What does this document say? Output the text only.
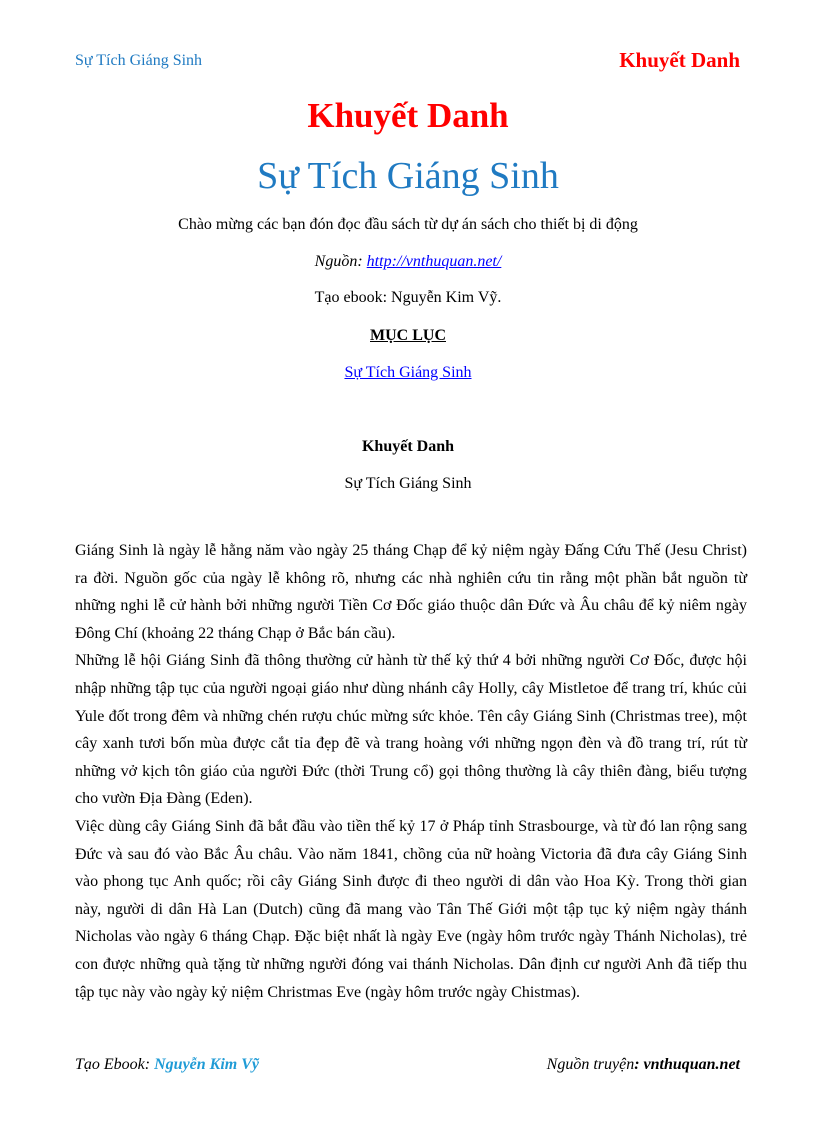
Sự Tích Giáng Sinh	Khuyết Danh
Khuyết Danh
Sự Tích Giáng Sinh
Chào mừng các bạn đón đọc đầu sách từ dự án sách cho thiết bị di động
Nguồn: http://vnthuquan.net/
Tạo ebook: Nguyễn Kim Vỹ.
MỤC LỤC
Sự Tích Giáng Sinh
Khuyết Danh
Sự Tích Giáng Sinh

Giáng Sinh là ngày lễ hằng năm vào ngày 25 tháng Chạp để kỷ niệm ngày Đấng Cứu Thế (Jesu Christ) ra đời. Nguồn gốc của ngày lễ không rõ, nhưng các nhà nghiên cứu tin rằng một phần bắt nguồn từ những nghi lễ cử hành bởi những người Tiền Cơ Đốc giáo thuộc dân Đức và Âu châu để kỷ niêm ngày Đông Chí (khoảng 22 tháng Chạp ở Bắc bán cầu).

Những lễ hội Giáng Sinh đã thông thường cử hành từ thế kỷ thứ 4 bởi những người Cơ Đốc, được hội nhập những tập tục của người ngoại giáo như dùng nhánh cây Holly, cây Mistletoe để trang trí, khúc củi Yule đốt trong đêm và những chén rượu chúc mừng sức khỏe. Tên cây Giáng Sinh (Christmas tree), một cây xanh tươi bốn mùa được cắt tỉa đẹp đẽ và trang hoàng với những ngọn đèn và đồ trang trí, rút từ những vở kịch tôn giáo của người Đức (thời Trung cổ) gọi thông thường là cây thiên đàng, biểu tượng cho vườn Địa Đàng (Eden).

Việc dùng cây Giáng Sinh đã bắt đầu vào tiền thế kỷ 17 ở Pháp tỉnh Strasbourge, và từ đó lan rộng sang Đức và sau đó vào Bắc Âu châu. Vào năm 1841, chồng của nữ hoàng Victoria đã đưa cây Giáng Sinh vào phong tục Anh quốc; rồi cây Giáng Sinh được đi theo người di dân vào Hoa Kỳ. Trong thời gian này, người di dân Hà Lan (Dutch) cũng đã mang vào Tân Thế Giới một tập tục kỷ niệm ngày thánh Nicholas vào ngày 6 tháng Chạp. Đặc biệt nhất là ngày Eve (ngày hôm trước ngày Thánh Nicholas), trẻ con được những quà tặng từ những người đóng vai thánh Nicholas. Dân định cư người Anh đã tiếp thu tập tục này vào ngày kỷ niệm Christmas Eve (ngày hôm trước ngày Chistmas).

Tạo Ebook: Nguyễn Kim Vỹ	Nguồn truyện: vnthuquan.net
